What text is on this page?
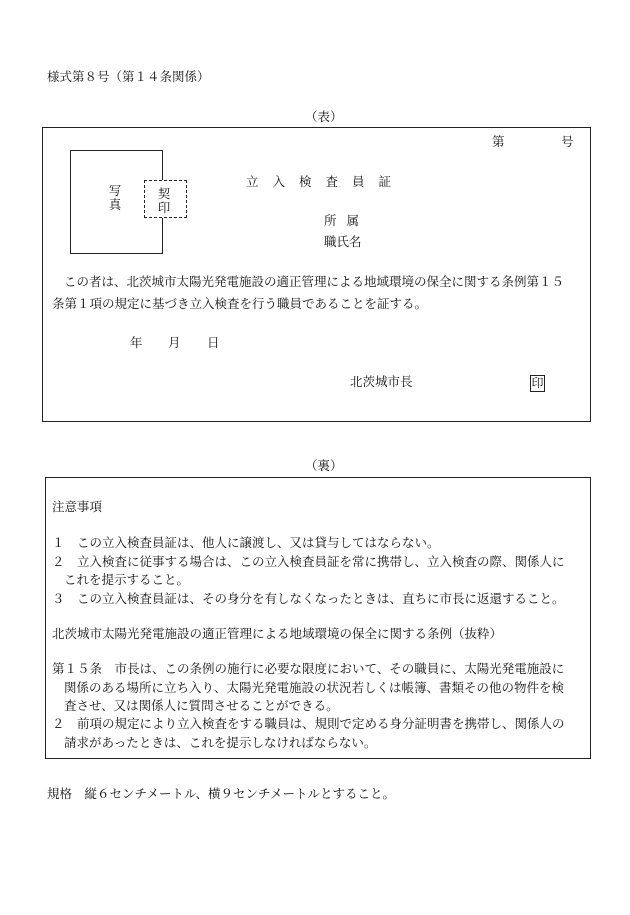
様式第８号（第１４条関係）
（表）
第	号
写真
契印
立入検査員証
所属
職氏名
この者は、北茨城市太陽光発電施設の適正管理による地域環境の保全に関する条例第１５
条第１項の規定に基づき立入検査を行う職員であることを証する。
年 月 日
北茨城市長	印
（裏）
注意事項
１　この立入検査員証は、他人に譲渡し、又は貸与してはならない。
２　立入検査に従事する場合は、この立入検査員証を常に携帯し、立入検査の際、関係人に
これを提示すること。
３　この立入検査員証は、その身分を有しなくなったときは、直ちに市長に返還すること。
北茨城市太陽光発電施設の適正管理による地域環境の保全に関する条例（抜粋）
第１５条　市長は、この条例の施行に必要な限度において、その職員に、太陽光発電施設に
関係のある場所に立ち入り、太陽光発電施設の状況若しくは帳簿、書類その他の物件を検
査させ、又は関係人に質問させることができる。
２　前項の規定により立入検査をする職員は、規則で定める身分証明書を携帯し、関係人の
請求があったときは、これを提示しなければならない。
規格　縦６センチメートル、横９センチメートルとすること。
